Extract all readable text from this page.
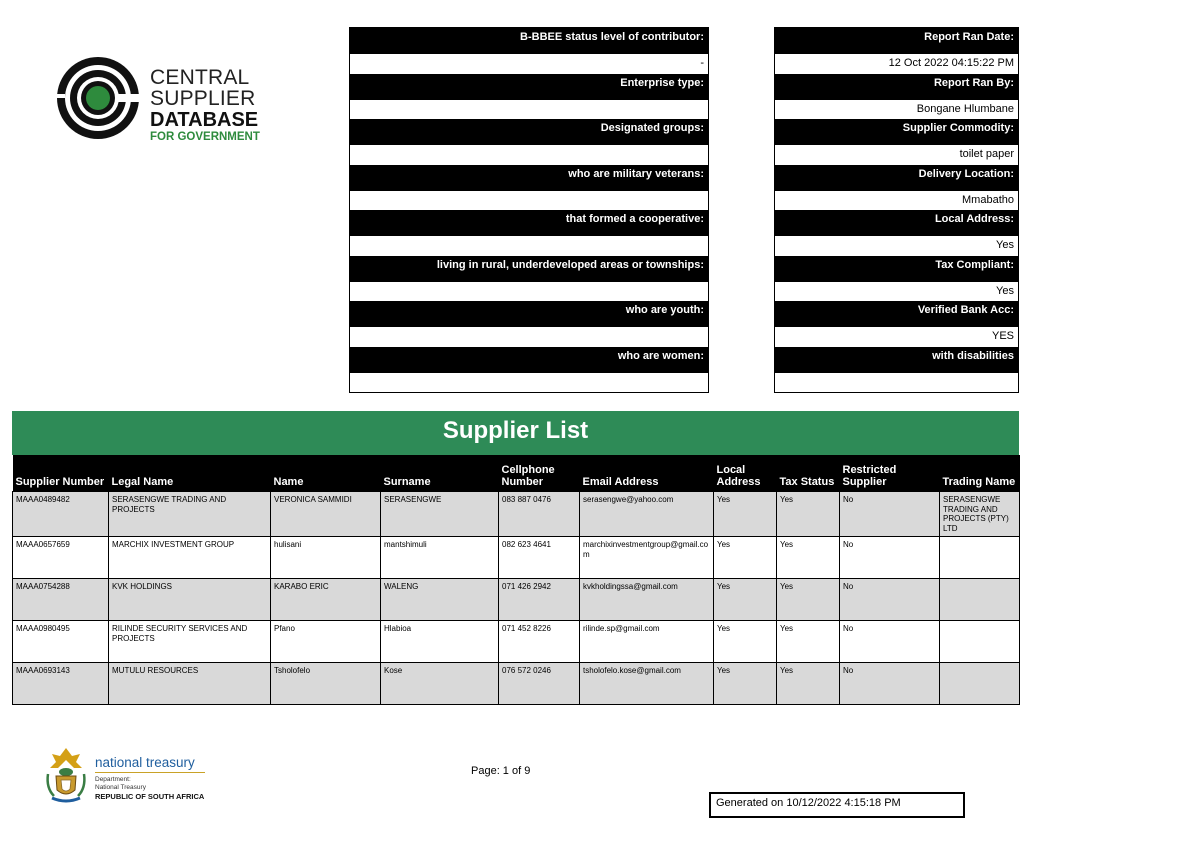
CENTRAL SUPPLIER
DATABASE
FOR GOVERNMENT
B-BBEE status level of contributor:
-
Enterprise type:
Designated groups:
who are military veterans:
that formed a cooperative:
living in rural, underdeveloped areas or townships:
who are youth:
who are women:
Report Ran Date:
12 Oct 2022 04:15:22 PM
Report Ran By:
Bongane Hlumbane
Supplier Commodity:
toilet paper
Delivery Location:
Mmabatho
Local Address:
Yes
Tax Compliant:
Yes
Verified Bank Acc:
YES
with disabilities
Supplier List
Supplier Number	Legal Name	Name	Surname	Cellphone Number	Email Address	Local Address	Tax Status	Restricted Supplier	Trading Name
MAAA0489482	SERASENGWE TRADING AND PROJECTS	VERONICA SAMMIDI	SERASENGWE	083 887 0476	serasengwe@yahoo.com	Yes	Yes	No	SERASENGWE TRADING AND PROJECTS (PTY) LTD
MAAA0657659	MARCHIX INVESTMENT GROUP	hulisani	mantshimuli	082 623 4641	marchixinvestmentgroup@gmail.com	Yes	Yes	No	
MAAA0754288	KVK HOLDINGS	KARABO ERIC	WALENG	071 426 2942	kvkholdingssa@gmail.com	Yes	Yes	No	
MAAA0980495	RILINDE SECURITY SERVICES AND PROJECTS	Pfano	Hlabioa	071 452 8226	rilinde.sp@gmail.com	Yes	Yes	No	
MAAA0693143	MUTULU RESOURCES	Tsholofelo	Kose	076 572 0246	tsholofelo.kose@gmail.com	Yes	Yes	No	
national treasury
Department:
National Treasury
REPUBLIC OF SOUTH AFRICA
Page: 1 of 9
Generated on 10/12/2022 4:15:18 PM
